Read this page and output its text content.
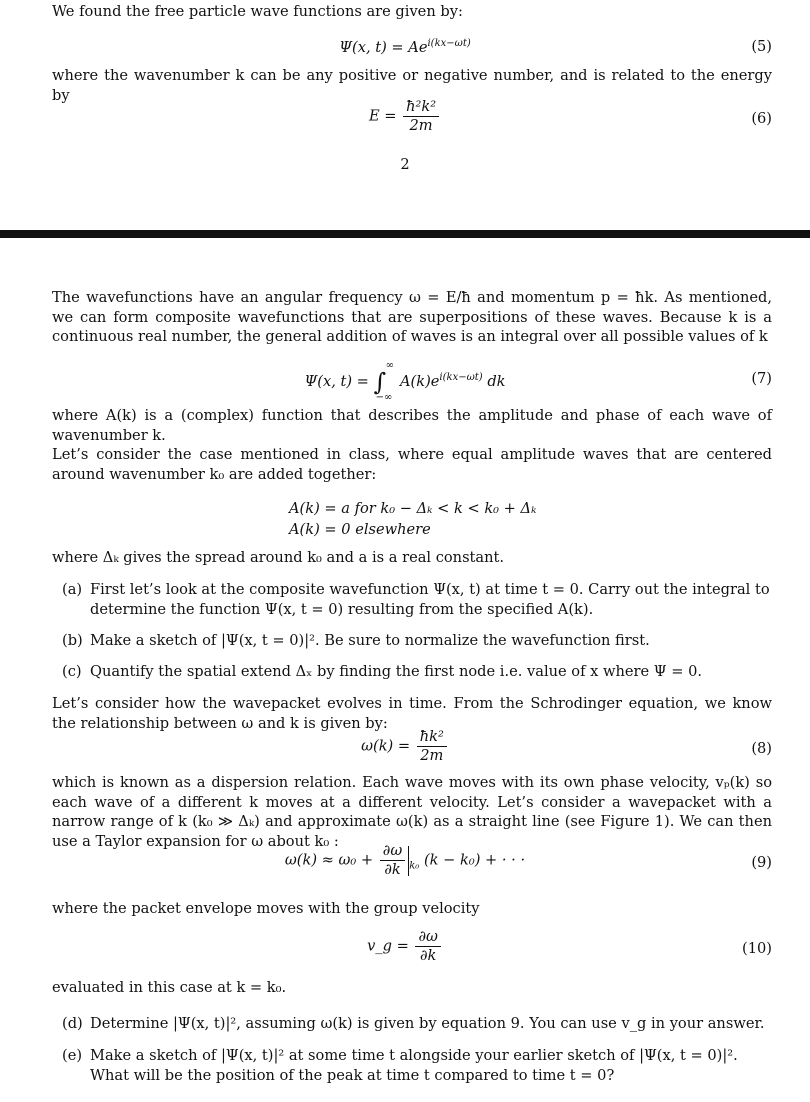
We found the free particle wave functions are given by:
Ψ(x, $t) = Ae^{i(kx-\omega t)}$	(5)
where the wavenumber k can be any positive or negative number, and is related to the energy by
$E = \frac{\text{ħ²k²}}{2m}$	(6)
2
The wavefunctions have an angular frequency ω = E/ħ and momentum p = ħk. As mentioned, we can form composite wavefunctions that are superpositions of these waves. Because k is a continuous real number, the general addition of waves is an integral over all possible values of k
Ψ(x, t) = ∫
∞
−∞
$A(k)e^{i(kx-\omega t)}$ dk	(7)
where A(k) is a (complex) function that describes the amplitude and phase of each wave of wavenumber k.
Let’s consider the case mentioned in class, where equal amplitude waves that are centered around wavenumber k₀ are added together:
A(k) = a for k₀ − Δₖ < k < k₀ + Δₖ
A(k) = 0 elsewhere
where Δₖ gives the spread around k₀ and a is a real constant.
(a) First let’s look at the composite wavefunction Ψ(x, t) at time t = 0. Carry out the integral to determine the function Ψ(x, t = 0) resulting from the specified A(k).
(b) Make a sketch of |Ψ(x, t = 0)|². Be sure to normalize the wavefunction first.
(c) Quantify the spatial extend Δₓ by finding the first node i.e. value of x where Ψ = 0.
Let’s consider how the wavepacket evolves in time. From the Schrodinger equation, we know the relationship between ω and k is given by:
$\omega(k) = \frac{\text{ħk²}}{2m}$	(8)
which is known as a dispersion relation. Each wave moves with its own phase velocity, vₚ(k) so each wave of a different k moves at a different velocity. Let’s consider a wavepacket with a narrow range of k (k₀ ≫ Δₖ) and approximate ω(k) as a straight line (see Figure 1). We can then use a Taylor expansion for ω about k₀ :
$\omega(k) \approx \omega_0 + \frac{\partial\omega}{\partial k} _{k_0}$ (k − k₀) + · · ·	(9)
where the packet envelope moves with the group velocity
v_g = $\frac{\partial\omega}{\partial k}$	(10)
evaluated in this case at k = k₀.
(d) Determine |Ψ(x, t)|², assuming ω(k) is given by equation 9. You can use v_g in your answer.
(e) Make a sketch of |Ψ(x, t)|² at some time t alongside your earlier sketch of |Ψ(x, t = 0)|². What will be the position of the peak at time t compared to time t = 0?
